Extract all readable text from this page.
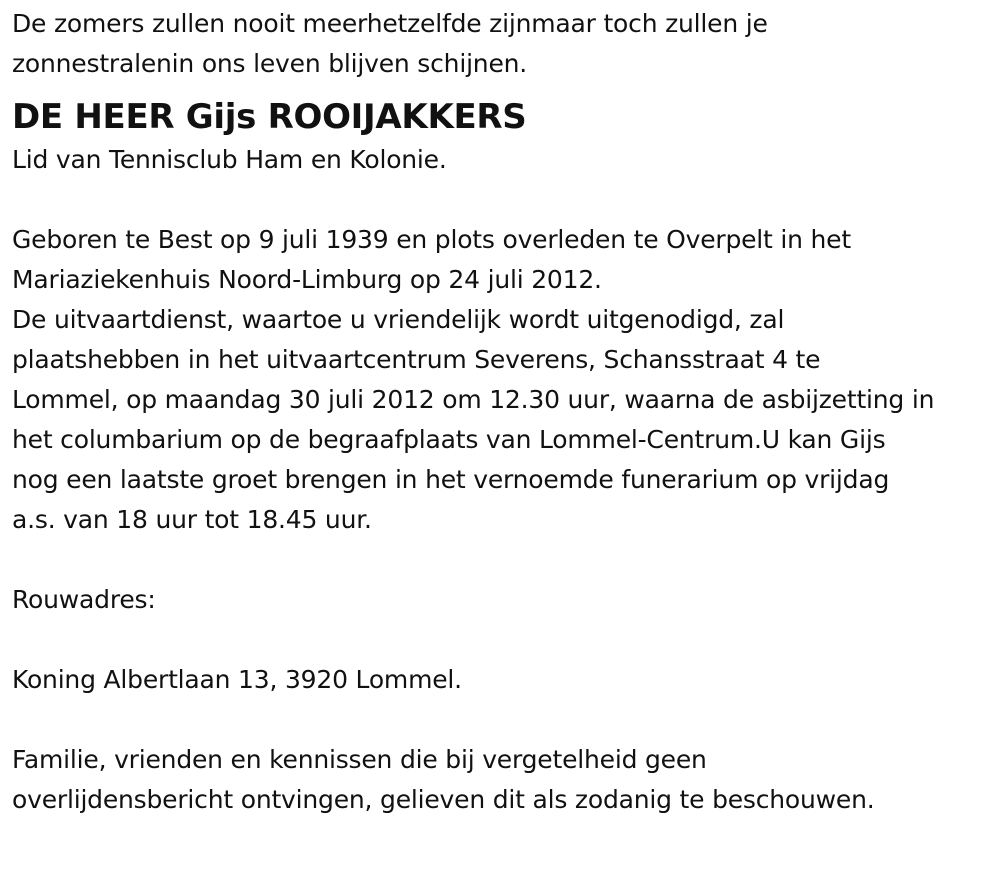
De zomers zullen nooit meerhetzelfde zijnmaar toch zullen je
zonnestralenin ons leven blijven schijnen.
DE HEER Gijs ROOIJAKKERS
Lid van Tennisclub Ham en Kolonie.
Geboren te Best op 9 juli 1939 en plots overleden te Overpelt in het
Mariaziekenhuis Noord-Limburg op 24 juli 2012.
De uitvaartdienst, waartoe u vriendelijk wordt uitgenodigd, zal
plaatshebben in het uitvaartcentrum Severens, Schansstraat 4 te
Lommel, op maandag 30 juli 2012 om 12.30 uur, waarna de asbijzetting in
het columbarium op de begraafplaats van Lommel-Centrum.U kan Gijs
nog een laatste groet brengen in het vernoemde funerarium op vrijdag
a.s. van 18 uur tot 18.45 uur.
Rouwadres:
Koning Albertlaan 13, 3920 Lommel.
Familie, vrienden en kennissen die bij vergetelheid geen
overlijdensbericht ontvingen, gelieven dit als zodanig te beschouwen.
